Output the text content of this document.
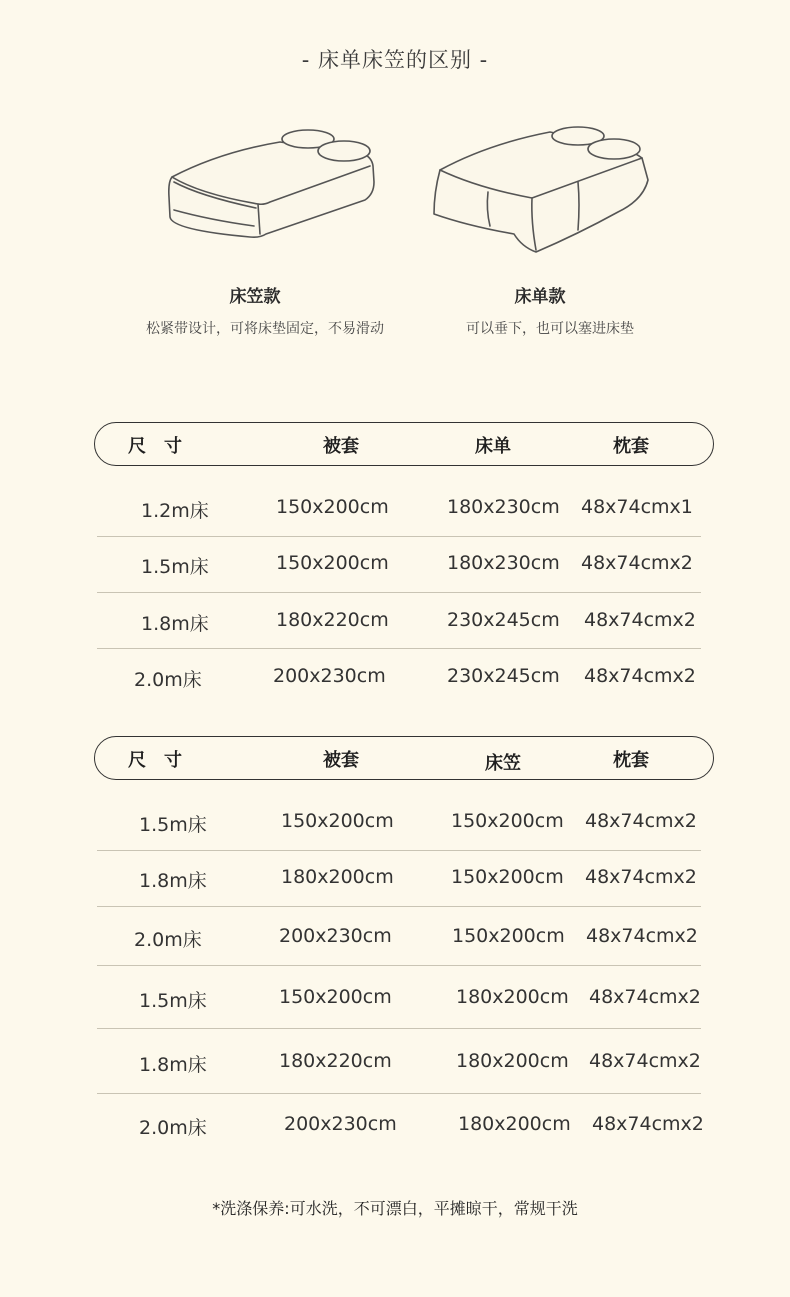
- 床单床笠的区别 -
床笠款
松紧带设计，可将床垫固定，不易滑动
床单款
可以垂下，也可以塞进床垫
尺　寸	被套	床单	枕套
1.2m床	150x200cm	180x230cm 48x74cmx1
1.5m床	150x200cm	180x230cm 48x74cmx2
1.8m床	180x220cm	230x245cm 48x74cmx2
2.0m床	200x230cm	230x245cm 48x74cmx2
尺　寸	被套	床笠	枕套
1.5m床	150x200cm	150x200cm 48x74cmx2
1.8m床	180x200cm	150x200cm 48x74cmx2
2.0m床	200x230cm	150x200cm 48x74cmx2
1.5m床	150x200cm	180x200cm 48x74cmx2
1.8m床	180x220cm	180x200cm 48x74cmx2
2.0m床	200x230cm	180x200cm 48x74cmx2
*洗涤保养:可水洗，不可漂白，平摊晾干，常规干洗
